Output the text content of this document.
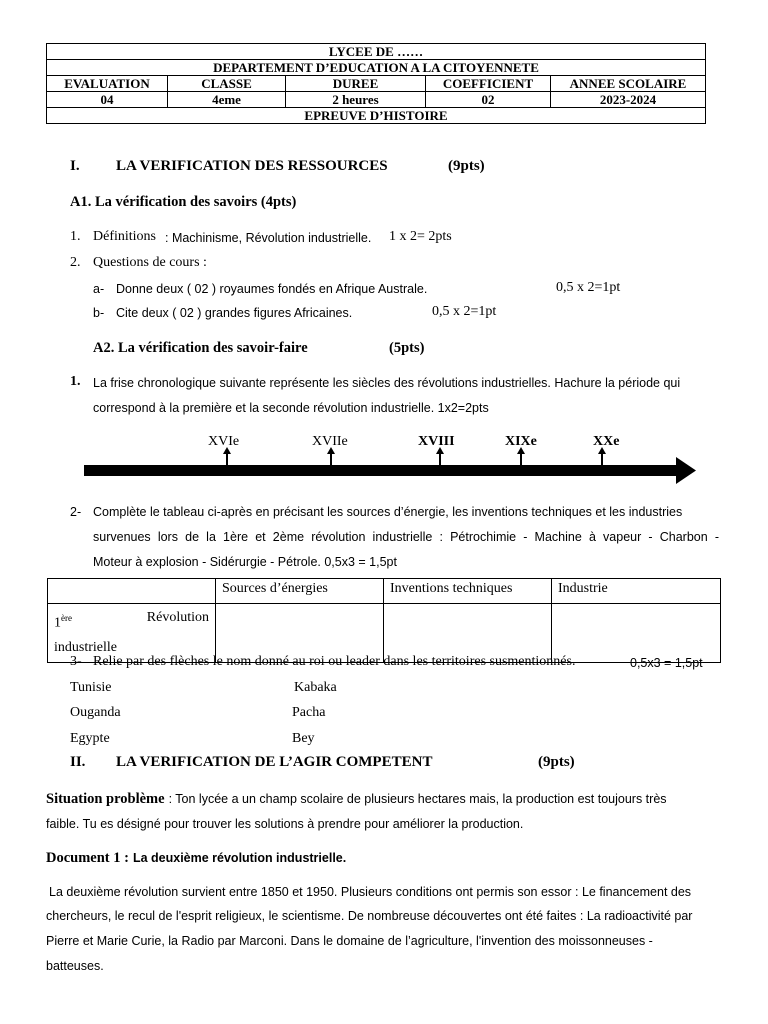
LYCEE DE ……				
DEPARTEMENT D’EDUCATION A LA CITOYENNETE				
EVALUATION	CLASSE	DUREE	COEFFICIENT	ANNEE SCOLAIRE
04	4eme	2 heures	02	2023-2024
EPREUVE D’HISTOIRE				
I. LA VERIFICATION DES RESSOURCES	(9pts)
A1. La vérification des savoirs (4pts)
1. Définitions : Machinisme, Révolution industrielle. 1 x 2= 2pts
2. Questions de cours :
a- Donne deux ( 02 ) royaumes fondés en Afrique Australe.	0,5 x 2=1pt
b- Cite deux ( 02 ) grandes figures Africaines.	0,5 x 2=1pt
A2. La vérification des savoir-faire	(5pts)
1. La frise chronologique suivante représente les siècles des révolutions industrielles. Hachure la période qui
correspond à la première et la seconde révolution industrielle. 1x2=2pts
XVIe	XVIIe	XVIII	XIXe	XXe
2- Complète le tableau ci-après en précisant les sources d’énergie, les inventions techniques et les industries
survenues lors de la 1ère et 2ème révolution industrielle : Pétrochimie - Machine à vapeur - Charbon -
Moteur à explosion - Sidérurgie - Pétrole. 0,5x3 = 1,5pt
	Sources d’énergies	Inventions techniques	Industrie

1ère Révolution
industrielle			

3- Relie par des flèches le nom donné au roi ou leader dans les territoires susmentionnés.	0,5x3 = 1,5pt
Tunisie
Ouganda
Egypte
Kabaka
Pacha
Bey
II. LA VERIFICATION DE L’AGIR COMPETENT	(9pts)
Situation problème : Ton lycée a un champ scolaire de plusieurs hectares mais, la production est toujours très
faible. Tu es désigné pour trouver les solutions à prendre pour améliorer la production.
Document 1 : La deuxième révolution industrielle.
La deuxième révolution survient entre 1850 et 1950. Plusieurs conditions ont permis son essor : Le financement des
chercheurs, le recul de l'esprit religieux, le scientisme. De nombreuse découvertes ont été faites : La radioactivité par
Pierre et Marie Curie, la Radio par Marconi. Dans le domaine de l’agriculture, l'invention des moissonneuses -
batteuses.
